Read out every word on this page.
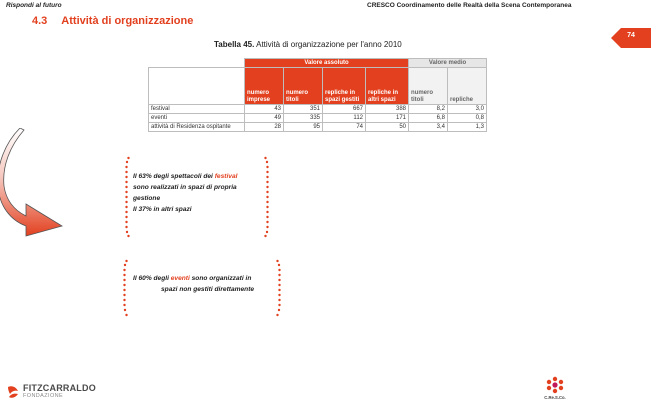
Rispondi al futuro	CRESCO Coordinamento delle Realtà della Scena Contemporanea
4.3 Attività di organizzazione
74
Tabella 45. Attività di organizzazione per l'anno 2010
	Valore assoluto				Valore medio	
	numero imprese	numero titoli	repliche in spazi gestiti	repliche in altri spazi	numero titoli	repliche
festival	43	351	667	388	8,2	3,0
eventi	49	335	112	171	6,8	0,8
attività di Residenza ospitante	28	95	74	50	3,4	1,3
Il 63% degli spettacoli dei festival
sono realizzati in spazi di propria
gestione
Il 37% in altri spazi
Il 60% degli eventi sono organizzati in
spazi non gestiti direttamente
FITZCARRALDO
FONDAZIONE	C.Re.S.Co.
